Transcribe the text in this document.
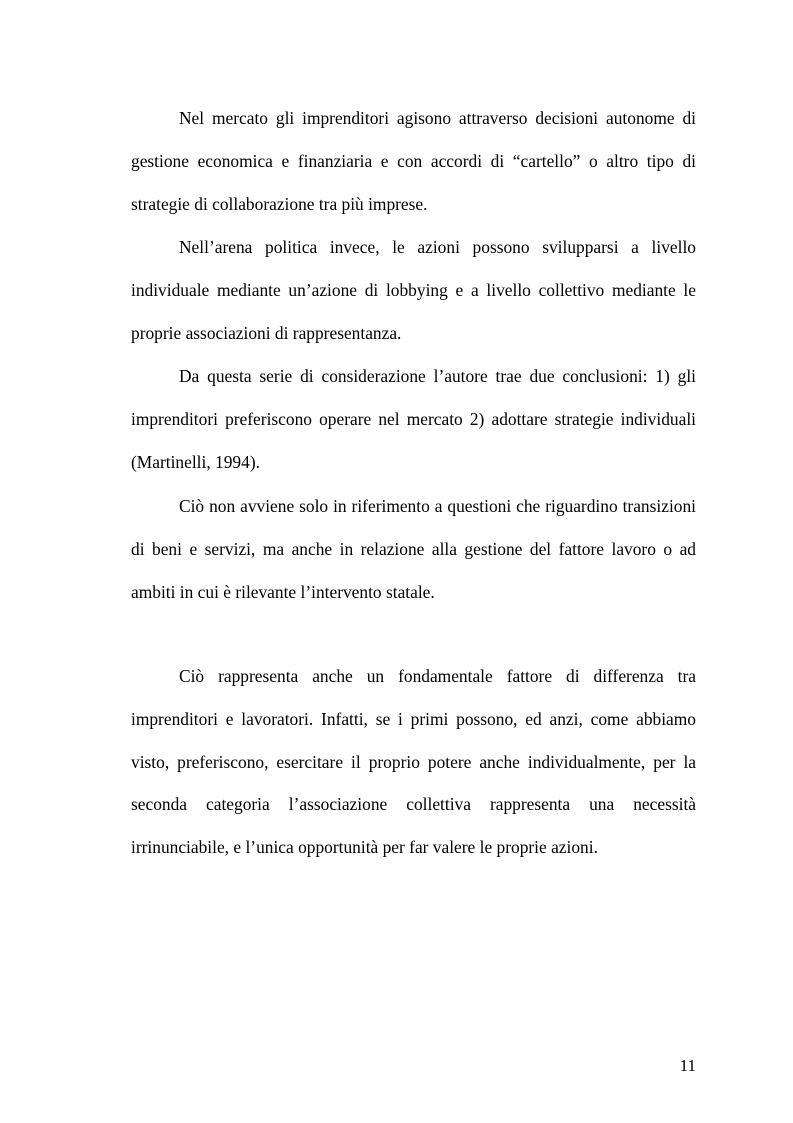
Nel mercato gli imprenditori agisono attraverso decisioni autonome di gestione economica e finanziaria e con accordi di “cartello” o altro tipo di strategie di collaborazione tra più imprese.

Nell’arena politica invece, le azioni possono svilupparsi a livello individuale mediante un’azione di lobbying e a livello collettivo mediante le proprie associazioni di rappresentanza.

Da questa serie di considerazione l’autore trae due conclusioni: 1) gli imprenditori preferiscono operare nel mercato 2) adottare strategie individuali (Martinelli, 1994).

Ciò non avviene solo in riferimento a questioni che riguardino transizioni di beni e servizi, ma anche in relazione alla gestione del fattore lavoro o ad ambiti in cui è rilevante l’intervento statale.

Ciò rappresenta anche un fondamentale fattore di differenza tra imprenditori e lavoratori. Infatti, se i primi possono, ed anzi, come abbiamo visto, preferiscono, esercitare il proprio potere anche individualmente, per la seconda categoria l’associazione collettiva rappresenta una necessità irrinunciabile, e l’unica opportunità per far valere le proprie azioni.

11
